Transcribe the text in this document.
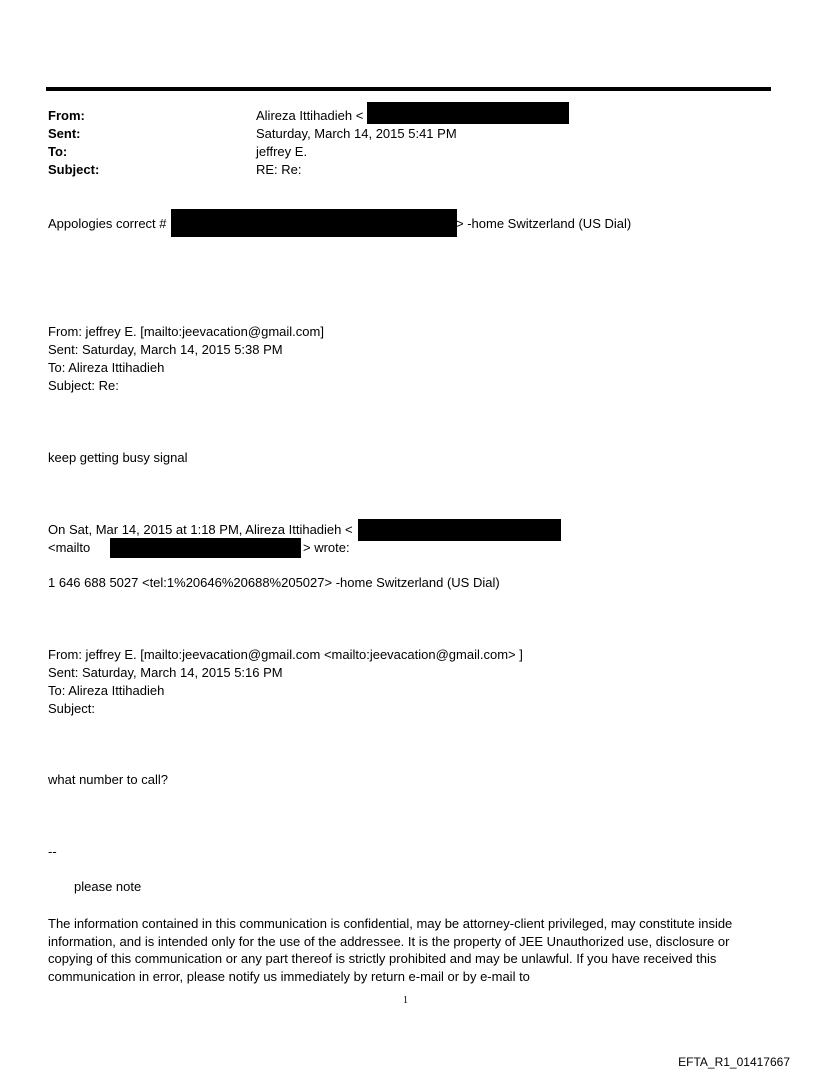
From:	Alireza Ittihadieh <
Sent:	Saturday, March 14, 2015 5:41 PM
To:	jeffrey E.
Subject:	RE: Re:
Appologies correct #	> -home Switzerland (US Dial)
From: jeffrey E. [mailto:jeevacation@gmail.com]
Sent: Saturday, March 14, 2015 5:38 PM
To: Alireza Ittihadieh
Subject: Re:
keep getting busy signal
On Sat, Mar 14, 2015 at 1:18 PM, Alireza Ittihadieh <
<mailto	> wrote:
1 646 688 5027 <tel:1%20646%20688%205027> -home Switzerland (US Dial)
From: jeffrey E. [mailto:jeevacation@gmail.com <mailto:jeevacation@gmail.com> ]
Sent: Saturday, March 14, 2015 5:16 PM
To: Alireza Ittihadieh
Subject:
what number to call?
--
please note
The information contained in this communication is confidential, may be attorney-client privileged, may constitute inside information, and is intended only for the use of the addressee. It is the property of JEE Unauthorized use, disclosure or copying of this communication or any part thereof is strictly prohibited and may be unlawful. If you have received this communication in error, please notify us immediately by return e-mail or by e-mail to
1
EFTA_R1_01417667
